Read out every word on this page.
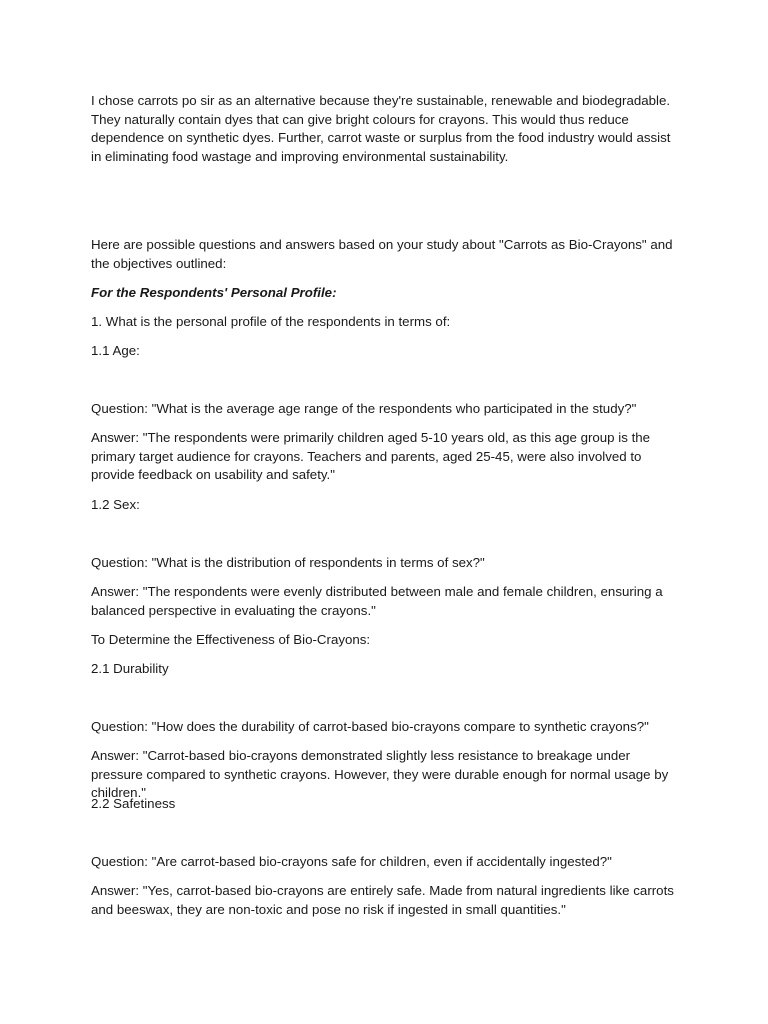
I chose carrots po sir as an alternative because they're sustainable, renewable and biodegradable. They naturally contain dyes that can give bright colours for crayons. This would thus reduce dependence on synthetic dyes. Further, carrot waste or surplus from the food industry would assist in eliminating food wastage and improving environmental sustainability.

Here are possible questions and answers based on your study about "Carrots as Bio-Crayons" and the objectives outlined:

For the Respondents' Personal Profile:

1. What is the personal profile of the respondents in terms of:

1.1 Age:

Question: "What is the average age range of the respondents who participated in the study?"

Answer: "The respondents were primarily children aged 5-10 years old, as this age group is the primary target audience for crayons. Teachers and parents, aged 25-45, were also involved to provide feedback on usability and safety."

1.2 Sex:

Question: "What is the distribution of respondents in terms of sex?"

Answer: "The respondents were evenly distributed between male and female children, ensuring a balanced perspective in evaluating the crayons."

To Determine the Effectiveness of Bio-Crayons:

2.1 Durability

Question: "How does the durability of carrot-based bio-crayons compare to synthetic crayons?"

Answer: "Carrot-based bio-crayons demonstrated slightly less resistance to breakage under pressure compared to synthetic crayons. However, they were durable enough for normal usage by children."

2.2 Safetiness

Question: "Are carrot-based bio-crayons safe for children, even if accidentally ingested?"

Answer: "Yes, carrot-based bio-crayons are entirely safe. Made from natural ingredients like carrots and beeswax, they are non-toxic and pose no risk if ingested in small quantities."
